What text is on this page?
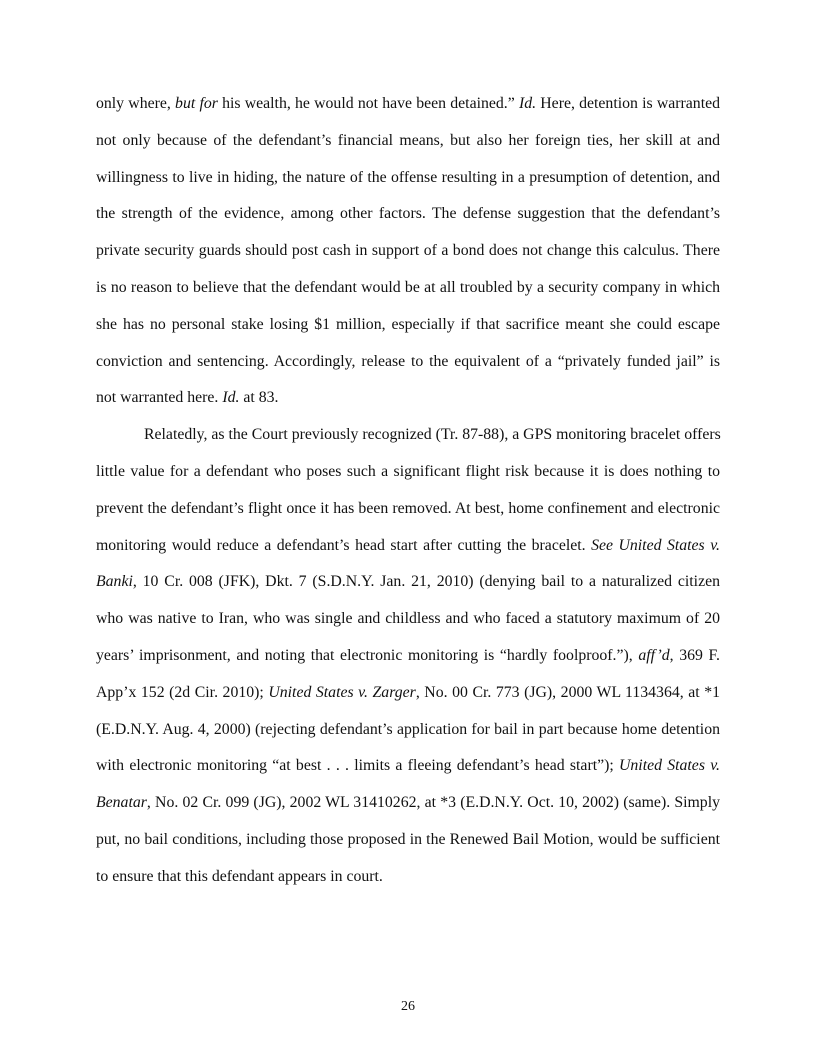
only where, but for his wealth, he would not have been detained.” Id. Here, detention is warranted
not only because of the defendant’s financial means, but also her foreign ties, her skill at and
willingness to live in hiding, the nature of the offense resulting in a presumption of detention, and
the strength of the evidence, among other factors. The defense suggestion that the defendant’s
private security guards should post cash in support of a bond does not change this calculus. There
is no reason to believe that the defendant would be at all troubled by a security company in which
she has no personal stake losing $1 million, especially if that sacrifice meant she could escape
conviction and sentencing. Accordingly, release to the equivalent of a “privately funded jail” is
not warranted here. Id. at 83.
Relatedly, as the Court previously recognized (Tr. 87-88), a GPS monitoring bracelet offers
little value for a defendant who poses such a significant flight risk because it is does nothing to
prevent the defendant’s flight once it has been removed. At best, home confinement and electronic
monitoring would reduce a defendant’s head start after cutting the bracelet. See United States v.
Banki, 10 Cr. 008 (JFK), Dkt. 7 (S.D.N.Y. Jan. 21, 2010) (denying bail to a naturalized citizen
who was native to Iran, who was single and childless and who faced a statutory maximum of 20
years’ imprisonment, and noting that electronic monitoring is “hardly foolproof.”), aff’d, 369 F.
App’x 152 (2d Cir. 2010); United States v. Zarger, No. 00 Cr. 773 (JG), 2000 WL 1134364, at *1
(E.D.N.Y. Aug. 4, 2000) (rejecting defendant’s application for bail in part because home detention
with electronic monitoring “at best . . . limits a fleeing defendant’s head start”); United States v.
Benatar, No. 02 Cr. 099 (JG), 2002 WL 31410262, at *3 (E.D.N.Y. Oct. 10, 2002) (same). Simply
put, no bail conditions, including those proposed in the Renewed Bail Motion, would be sufficient
to ensure that this defendant appears in court.
26
